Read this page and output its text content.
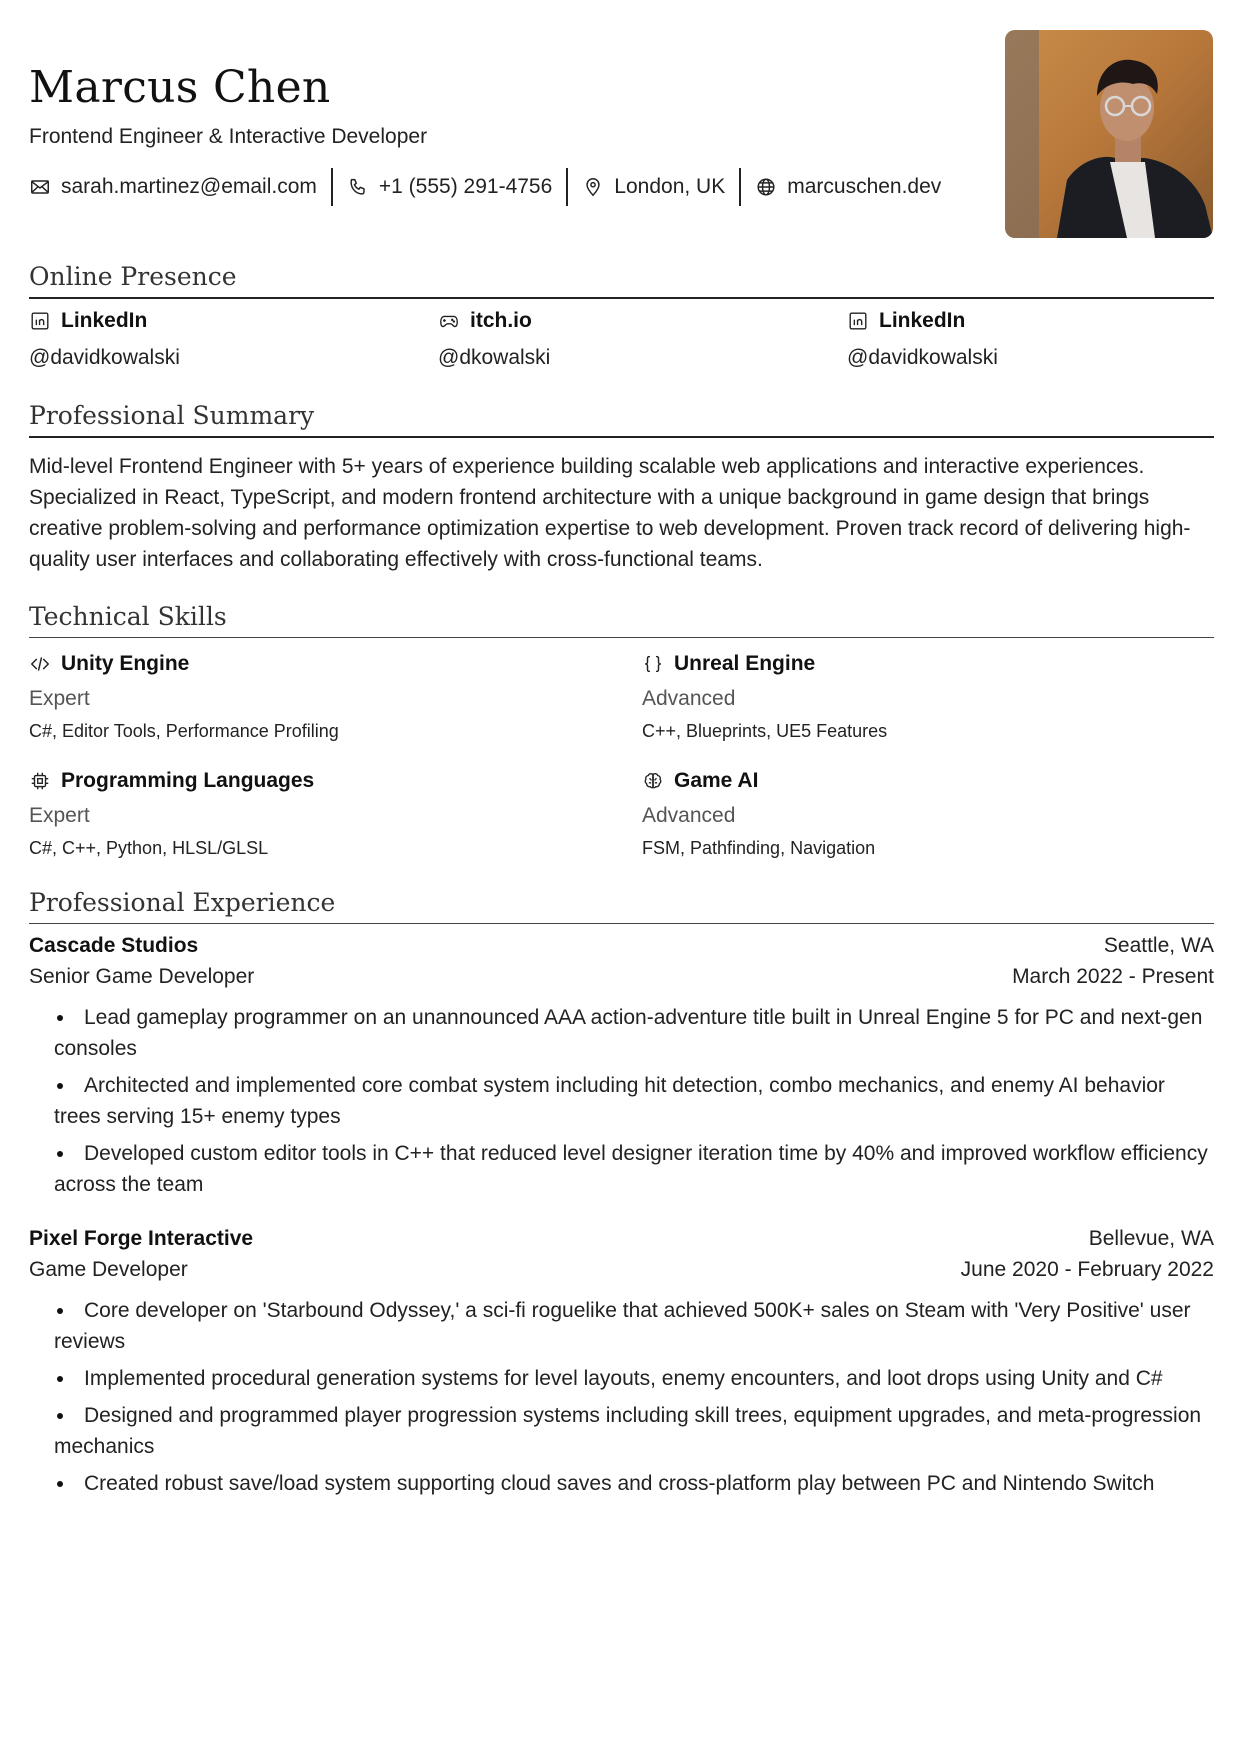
Marcus Chen
Frontend Engineer & Interactive Developer
sarah.martinez@email.com	+1 (555) 291-4756	London, UK	marcuschen.dev
Online Presence
LinkedIn
@davidkowalski
itch.io
@dkowalski
LinkedIn
@davidkowalski
Professional Summary

Mid-level Frontend Engineer with 5+ years of experience building scalable web applications and interactive experiences. Specialized in React, TypeScript, and modern frontend architecture with a unique background in game design that brings creative problem-solving and performance optimization expertise to web development. Proven track record of delivering high-quality user interfaces and collaborating effectively with cross-functional teams.

Technical Skills
Unity Engine
Expert
C#, Editor Tools, Performance Profiling
Unreal Engine
Advanced
C++, Blueprints, UE5 Features
Programming Languages
Expert
C#, C++, Python, HLSL/GLSL
Game AI
Advanced
FSM, Pathfinding, Navigation
Professional Experience
Cascade Studios	Seattle, WA
Senior Game Developer	March 2022 - Present
Lead gameplay programmer on an unannounced AAA action-adventure title built in Unreal Engine 5 for PC and next-gen consoles
Architected and implemented core combat system including hit detection, combo mechanics, and enemy AI behavior trees serving 15+ enemy types
Developed custom editor tools in C++ that reduced level designer iteration time by 40% and improved workflow efficiency across the team
Pixel Forge Interactive	Bellevue, WA
Game Developer	June 2020 - February 2022
Core developer on 'Starbound Odyssey,' a sci-fi roguelike that achieved 500K+ sales on Steam with 'Very Positive' user reviews
Implemented procedural generation systems for level layouts, enemy encounters, and loot drops using Unity and C#
Designed and programmed player progression systems including skill trees, equipment upgrades, and meta-progression mechanics
Created robust save/load system supporting cloud saves and cross-platform play between PC and Nintendo Switch
